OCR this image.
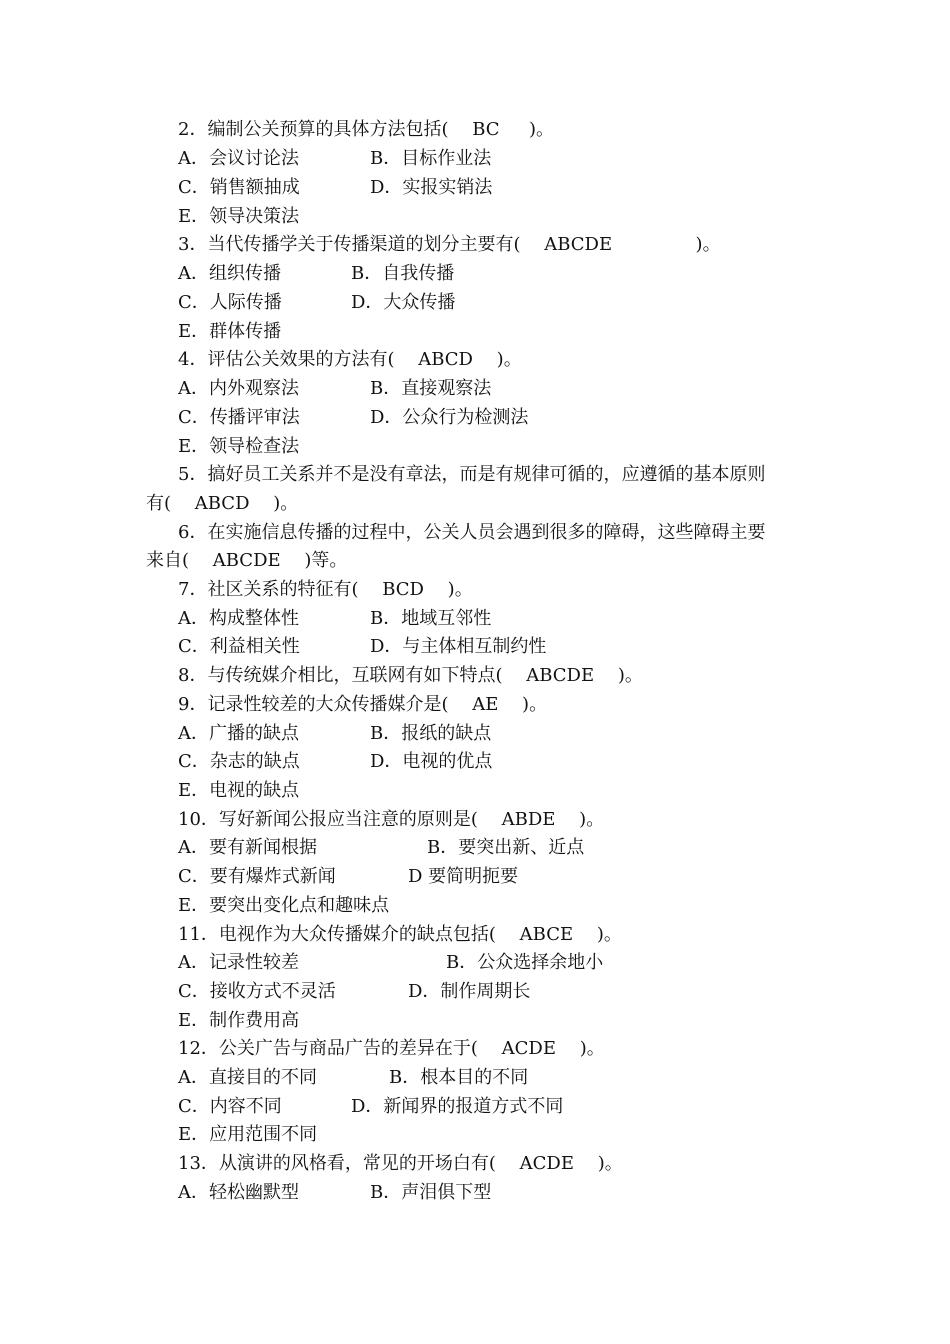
2．编制公关预算的具体方法包括(　 BC 　 )。

A．会议讨论法

	B．目标作业法

C．销售额抽成

	D．实报实销法

E．领导决策法
3．当代传播学关于传播渠道的划分主要有(　 ABCDE 　　　　 )。

A．组织传播

	B．自我传播

C．人际传播

	D．大众传播

E．群体传播
4．评估公关效果的方法有(　 ABCD 　)。

A．内外观察法

	B．直接观察法

C．传播评审法

	D．公众行为检测法

E．领导检查法
5．搞好员工关系并不是没有章法，而是有规律可循的，应遵循的基本原则
有(　 ABCD 　)。
6．在实施信息传播的过程中，公关人员会遇到很多的障碍，这些障碍主要
来自(　 ABCDE 　)等。
7．社区关系的特征有(　 BCD 　)。

A．构成整体性

	B．地域互邻性

C．利益相关性

	D．与主体相互制约性

8．与传统媒介相比，互联网有如下特点(　 ABCDE 　)。
9．记录性较差的大众传播媒介是(　 AE 　)。

A．广播的缺点

	B．报纸的缺点

C．杂志的缺点

	D．电视的优点

E．电视的缺点
10．写好新闻公报应当注意的原则是(　 ABDE 　)。

A．要有新闻根据

	B．要突出新、近点

C．要有爆炸式新闻

	D 要简明扼要

E．要突出变化点和趣味点
11．电视作为大众传播媒介的缺点包括(　 ABCE 　)。

A．记录性较差

	B．公众选择余地小

C．接收方式不灵活

	D．制作周期长

E．制作费用高
12．公关广告与商品广告的差异在于(　 ACDE 　)。

A．直接目的不同

	B．根本目的不同

C．内容不同

	D．新闻界的报道方式不同

E．应用范围不同
13．从演讲的风格看，常见的开场白有(　 ACDE 　)。

A．轻松幽默型

	B．声泪俱下型
